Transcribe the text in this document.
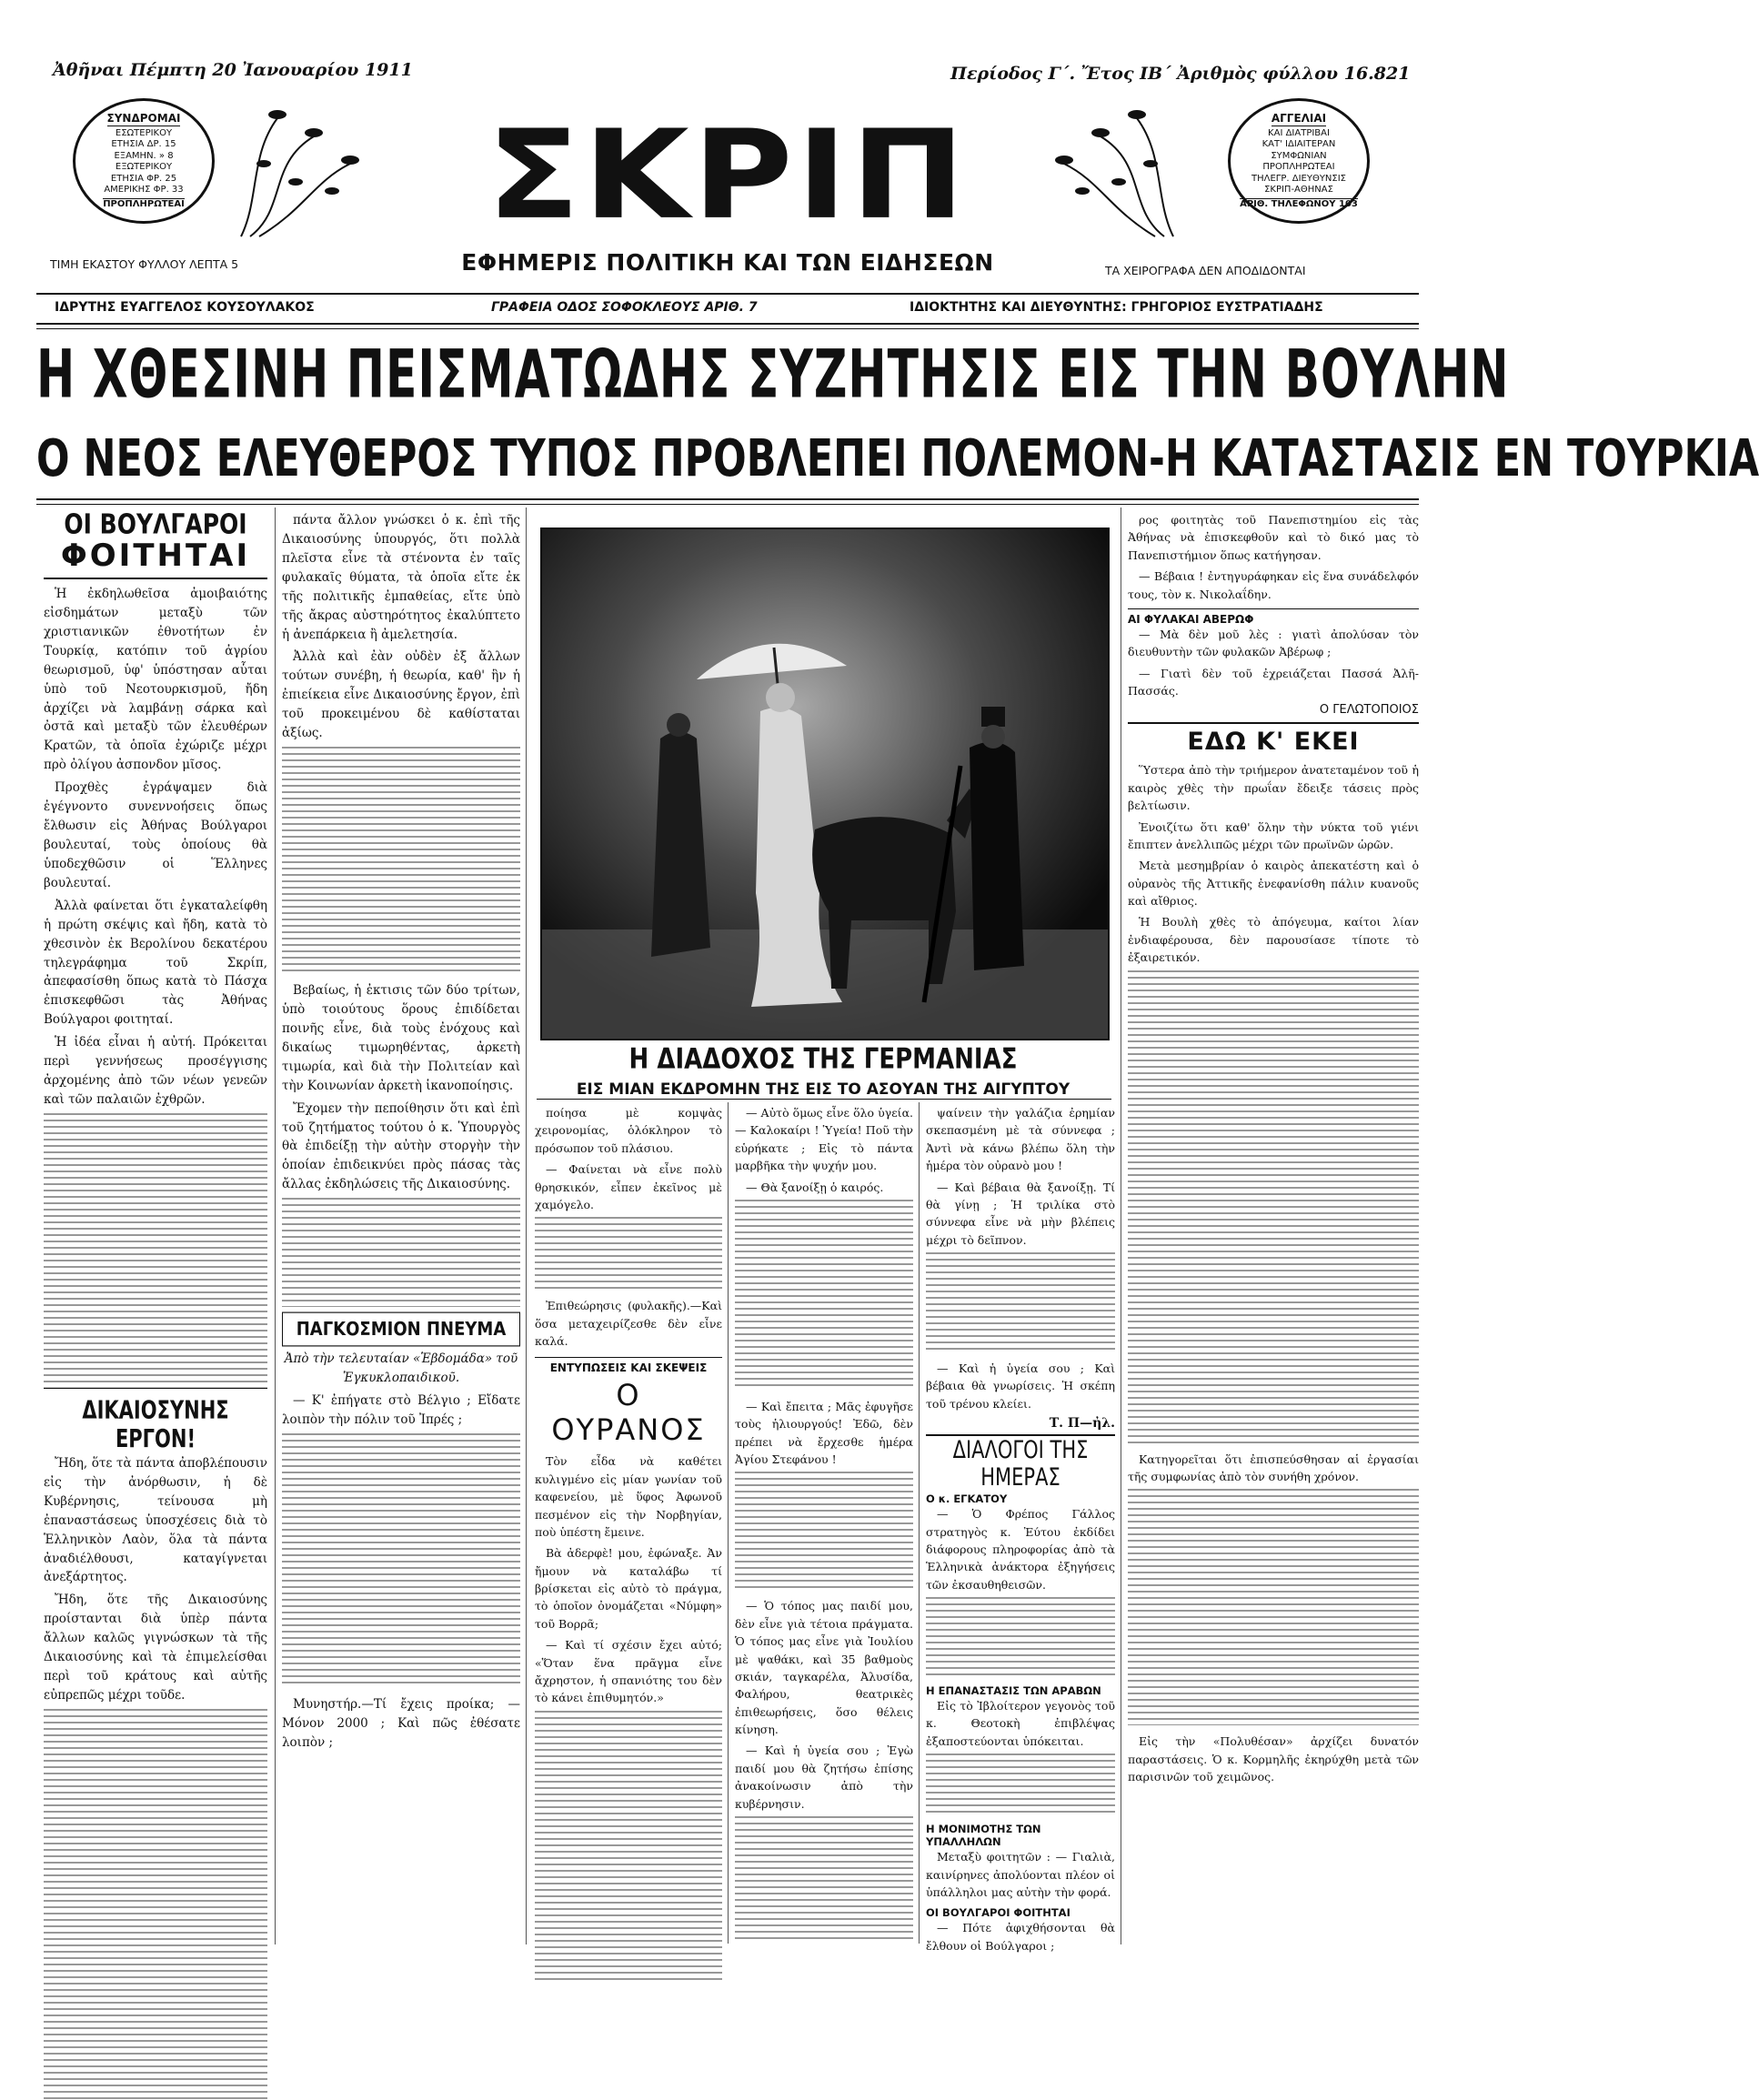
Ἀθῆναι Πέμπτη 20 Ἰανουαρίου 1911	Περίοδος Γ΄. Ἔτος ΙΒ΄ Ἀριθμὸς φύλλου 16.821
ΣΥΝΔΡΟΜΑΙ
ΕΣΩΤΕΡΙΚΟΥ
ΕΤΗΣΙΑ ΔΡ. 15
ΕΞΑΜΗΝ. » 8
ΕΞΩΤΕΡΙΚΟΥ
ΕΤΗΣΙΑ ΦΡ. 25
ΑΜΕΡΙΚΗΣ ΦΡ. 33
ΠΡΟΠΛΗΡΩΤΕΑΙ	ΣΚΡΙΠ	ΑΓΓΕΛΙΑΙ
ΚΑΙ ΔΙΑΤΡΙΒΑΙ
ΚΑΤ' ΙΔΙΑΙΤΕΡΑΝ
ΣΥΜΦΩΝΙΑΝ
ΠΡΟΠΛΗΡΩΤΕΑΙ
ΤΗΛΕΓΡ. ΔΙΕΥΘΥΝΣΙΣ
ΣΚΡΙΠ-ΑΘΗΝΑΣ
ΑΡΙΘ. ΤΗΛΕΦΩΝΟΥ 103
ΤΙΜΗ ΕΚΑΣΤΟΥ ΦΥΛΛΟΥ ΛΕΠΤΑ 5	ΕΦΗΜΕΡΙΣ ΠΟΛΙΤΙΚΗ ΚΑΙ ΤΩΝ ΕΙΔΗΣΕΩΝ	ΤΑ ΧΕΙΡΟΓΡΑΦΑ ΔΕΝ ΑΠΟΔΙΔΟΝΤΑΙ
ΙΔΡΥΤΗΣ ΕΥΑΓΓΕΛΟΣ ΚΟΥΣΟΥΛΑΚΟΣ	ΓΡΑΦΕΙΑ ΟΔΟΣ ΣΟΦΟΚΛΕΟΥΣ ΑΡΙΘ. 7	ΙΔΙΟΚΤΗΤΗΣ ΚΑΙ ΔΙΕΥΘΥΝΤΗΣ: ΓΡΗΓΟΡΙΟΣ ΕΥΣΤΡΑΤΙΑΔΗΣ
Η ΧΘΕΣΙΝΗ ΠΕΙΣΜΑΤΩΔΗΣ ΣΥΖΗΤΗΣΙΣ ΕΙΣ ΤΗΝ ΒΟΥΛΗΝ
Ο ΝΕΟΣ ΕΛΕΥΘΕΡΟΣ ΤΥΠΟΣ ΠΡΟΒΛΕΠΕΙ ΠΟΛΕΜΟΝ-Η ΚΑΤΑΣΤΑΣΙΣ ΕΝ ΤΟΥΡΚΙΑ
ΟΙ ΒΟΥΛΓΑΡΟΙ
ΦΟΙΤΗΤΑΙ

Ἡ ἐκδηλωθεῖσα ἀμοιβαιότης εἰσδημάτων μεταξὺ τῶν χριστιανικῶν ἐθνοτήτων ἐν Τουρκίᾳ, κατόπιν τοῦ ἀγρίου θεωρισμοῦ, ὑφ' ὑπόστησαν αὗται ὑπὸ τοῦ Νεοτουρκισμοῦ, ἤδη ἀρχίζει νὰ λαμβάνῃ σάρκα καὶ ὀστᾶ καὶ μεταξὺ τῶν ἐλευθέρων Κρατῶν, τὰ ὁποῖα ἐχώριζε μέχρι πρὸ ὀλίγου ἀσπονδον μῖσος.

Προχθὲς ἐγράψαμεν διὰ ἐγέγνοντο συνεννοήσεις ὅπως ἔλθωσιν εἰς Ἀθήνας Βούλγαροι βουλευταί, τοὺς ὁποίους θὰ ὑποδεχθῶσιν οἱ Ἕλληνες βουλευταί.

Ἀλλὰ φαίνεται ὅτι ἐγκαταλείφθη ἡ πρώτη σκέψις καὶ ἤδη, κατὰ τὸ χθεσινὸν ἐκ Βερολίνου δεκατέρου τηλεγράφημα τοῦ Σκρίπ, ἀπεφασίσθη ὅπως κατὰ τὸ Πάσχα ἐπισκεφθῶσι τὰς Ἀθήνας Βούλγαροι φοιτηταί.

Ἡ ἰδέα εἶναι ἡ αὐτή. Πρόκειται περὶ γεννήσεως προσέγγισης ἀρχομένης ἀπὸ τῶν νέων γενεῶν καὶ τῶν παλαιῶν ἐχθρῶν.

ΔΙΚΑΙΟΣΥΝΗΣ ΕΡΓΟΝ!

Ἤδη, ὅτε τὰ πάντα ἀποβλέπουσιν εἰς τὴν ἀνόρθωσιν, ἡ δὲ Κυβέρνησις, τείνουσα μὴ ἐπαναστάσεως ὑποσχέσεις διὰ τὸ Ἑλληνικὸν Λαὸν, ὅλα τὰ πάντα ἀναδιέλθουσι, καταγίγνεται ἀνεξάρτητος.

Ἤδη, ὅτε τῆς Δικαιοσύνης προίστανται διὰ ὑπὲρ πάντα ἄλλων καλῶς γιγνώσκων τὰ τῆς Δικαιοσύνης καὶ τὰ ἐπιμελείσθαι περὶ τοῦ κράτους καὶ αὐτῆς εὐπρεπῶς μέχρι τοῦδε.

πάντα ἄλλον γνώσκει ὁ κ. ἐπὶ τῆς Δικαιοσύνης ὑπουργός, ὅτι πολλὰ πλεῖστα εἶνε τὰ στένοντα ἐν ταῖς φυλακαῖς θύματα, τὰ ὁποῖα εἴτε ἐκ τῆς πολιτικῆς ἐμπαθείας, εἴτε ὑπὸ τῆς ἄκρας αὐστηρότητος ἐκαλύπτετο ἡ ἀνεπάρκεια ἢ ἀμελετησία.

Ἀλλὰ καὶ ἐὰν οὐδὲν ἐξ ἄλλων τούτων συνέβη, ἡ θεωρία, καθ' ἣν ἡ ἐπιείκεια εἶνε Δικαιοσύνης ἔργον, ἐπὶ τοῦ προκειμένου δὲ καθίσταται ἀξίως.

Βεβαίως, ἡ ἐκτισις τῶν δύο τρίτων, ὑπὸ τοιούτους ὅρους ἐπιδίδεται ποινῆς εἶνε, διὰ τοὺς ἐνόχους καὶ δικαίως τιμωρηθέντας, ἀρκετὴ τιμωρία, καὶ διὰ τὴν Πολιτείαν καὶ τὴν Κοινωνίαν ἀρκετὴ ἱκανοποίησις.

Ἔχομεν τὴν πεποίθησιν ὅτι καὶ ἐπὶ τοῦ ζητήματος τούτου ὁ κ. Ὑπουργὸς θὰ ἐπιδείξῃ τὴν αὐτὴν στοργὴν τὴν ὁποίαν ἐπιδεικνύει πρὸς πάσας τὰς ἄλλας ἐκδηλώσεις τῆς Δικαιοσύνης.

ΠΑΓΚΟΣΜΙΟΝ ΠΝΕΥΜΑ

Ἀπὸ τὴν τελευταίαν «Ἑβδομάδα» τοῦ Ἐγκυκλοπαιδικοῦ.

— Κ' ἐπήγατε στὸ Βέλγιο ; Εἴδατε λοιπὸν τὴν πόλιν τοῦ Ἰπρές ;

Μυνηστήρ.—Τί ἔχεις προίκα; — Μόνον 2000 ; Καὶ πῶς ἐθέσατε λοιπὸν ;

Η ΔΙΑΔΟΧΟΣ ΤΗΣ ΓΕΡΜΑΝΙΑΣ
ΕΙΣ ΜΙΑΝ ΕΚΔΡΟΜΗΝ ΤΗΣ ΕΙΣ ΤΟ ΑΣΟΥΑΝ ΤΗΣ ΑΙΓΥΠΤΟΥ

ποίησα μὲ κομψὰς χειρονομίας, ὁλόκληρον τὸ πρόσωπον τοῦ πλάσιου.

— Φαίνεται νὰ εἶνε πολὺ θρησκικόν, εἶπεν ἐκεῖνος μὲ χαμόγελο.

Ἐπιθεώρησις (φυλακῆς).—Καὶ ὅσα μεταχειρίζεσθε δὲν εἶνε καλά.

ΕΝΤΥΠΩΣΕΙΣ ΚΑΙ ΣΚΕΨΕΙΣ
Ο ΟΥΡΑΝΟΣ

Τὸν εἶδα νὰ καθέτει κυλιγμένο εἰς μίαν γωνίαν τοῦ καφενείου, μὲ ὕφος Ἀφωνοῦ πεσμένον εἰς τὴν Νορβηγίαν, ποὺ ὑπέστη ἔμεινε.

Βὰ ἀδερφὲ! μου, ἐφώναξε. Ἀν ἤμουν νὰ καταλάβω τί βρίσκεται εἰς αὐτὸ τὸ πράγμα, τὸ ὁποῖον ὀνομάζεται «Νύμφη» τοῦ Βορρᾶ;

— Καὶ τί σχέσιν ἔχει αὐτό; «Ὅταν ἕνα πρᾶγμα εἶνε ἄχρηστον, ἡ σπανιότης του δὲν τὸ κάνει ἐπιθυμητόν.»

— Αὐτὸ ὅμως εἶνε ὅλο ὑγεία. — Καλοκαίρι ! Ὑγεία! Ποῦ τὴν εὑρήκατε ; Εἰς τὸ πάντα μαρβῆκα τὴν ψυχήν μου.

— Θὰ ξανοίξῃ ὁ καιρός.

— Καὶ ἔπειτα ; Μᾶς ἐφυγῆσε τοὺς ἡλιουργούς! Ἐδῶ, δὲν πρέπει νὰ ἔρχεσθε ἡμέρα Ἀγίου Στεφάνου !

— Ὁ τόπος μας παιδί μου, δὲν εἶνε γιὰ τέτοια πράγματα. Ὁ τόπος μας εἶνε γιὰ Ἰουλίου μὲ ψαθάκι, καὶ 35 βαθμοὺς σκιάν, ταγκαρέλα, Ἀλυσίδα, Φαλήρου, θεατρικὲς ἐπιθεωρήσεις, ὅσο θέλεις κίνηση.

— Καὶ ἡ ὑγεία σου ; Ἐγὼ παιδί μου θὰ ζητήσω ἐπίσης ἀνακοίνωσιν ἀπὸ τὴν κυβέρνησιν.

ψαίνειν τὴν γαλάζια ἐρημίαν σκεπασμένη μὲ τὰ σύννεφα ; Ἀντὶ νὰ κάνω βλέπω ὅλη τὴν ἡμέρα τὸν οὐρανὸ μου !

— Καὶ βέβαια θὰ ξανοίξῃ. Τί θὰ γίνῃ ; Ἡ τριλίκα στὸ σύννεφα εἶνε νὰ μὴν βλέπεις μέχρι τὸ δεῖπνον.

— Καὶ ἡ ὑγεία σου ; Καὶ βέβαια θὰ γνωρίσεις. Ἡ σκέπη τοῦ τρένου κλείει.

Τ. Π—ἠλ.
ΔΙΑΛΟΓΟΙ ΤΗΣ ΗΜΕΡΑΣ
Ο κ. ΕΓΚΑΤΟΥ

— Ὁ Φρέπος Γάλλος στρατηγὸς κ. Ἐύτου ἐκδίδει διάφορους πληροφορίας ἀπὸ τὰ Ἑλληνικὰ ἀνάκτορα ἐξηγήσεις τῶν ἐκσαυθηθεισῶν.

Η ΕΠΑΝΑΣΤΑΣΙΣ ΤΩΝ ΑΡΑΒΩΝ

Εἰς τὸ Ἰβλοίτερον γεγονὸς τοῦ κ. Θεοτοκὴ ἐπιβλέψας ἐξαποστεύονται ὑπόκειται.

Η ΜΟΝΙΜΟΤΗΣ ΤΩΝ ΥΠΑΛΛΗΛΩΝ

Μεταξὺ φοιτητῶν : — Γιαλιὰ, καινίρηνες ἀπολύονται πλέον οἱ ὑπάλληλοι μας αὐτὴν τὴν φορά.

ΟΙ ΒΟΥΛΓΑΡΟΙ ΦΟΙΤΗΤΑΙ

— Πότε ἀφιχθήσονται θὰ ἔλθουν οἱ Βούλγαροι ;

ρος φοιτητὰς τοῦ Πανεπιστημίου εἰς τὰς Ἀθήνας νὰ ἐπισκεφθοῦν καὶ τὸ δικό μας τὸ Πανεπιστήμιον ὅπως κατήγησαν.

— Βέβαια ! ἐντηγυράφηκαν εἰς ἕνα συνάδελφόν τους, τὸν κ. Νικολαΐδην.

ΑΙ ΦΥΛΑΚΑΙ ΑΒΕΡΩΦ

— Μὰ δὲν μοῦ λὲς : γιατὶ ἀπολύσαν τὸν διευθυντὴν τῶν φυλακῶν Ἀβέρωφ ;

— Γιατὶ δὲν τοῦ ἐχρειάζεται Πασσά Ἀλῆ-Πασσάς.

Ο ΓΕΛΩΤΟΠΟΙΟΣ
ΕΔΩ Κ' ΕΚΕΙ

Ὕστερα ἀπὸ τὴν τριήμερον ἀνατεταμένον τοῦ ἡ καιρὸς χθὲς τὴν πρωΐαν ἔδειξε τάσεις πρὸς βελτίωσιν.

Ἐνοιζίτω ὅτι καθ' ὅλην τὴν νύκτα τοῦ γιένι ἔπιπτεν ἀνελλιπῶς μέχρι τῶν πρωϊνῶν ὡρῶν.

Μετὰ μεσημβρίαν ὁ καιρὸς ἀπεκατέστη καὶ ὁ οὐρανὸς τῆς Ἀττικῆς ἐνεφανίσθη πάλιν κυανοῦς καὶ αἴθριος.

Ἡ Βουλὴ χθὲς τὸ ἀπόγευμα, καίτοι λίαν ἐνδιαφέρουσα, δὲν παρουσίασε τίποτε τὸ ἐξαιρετικόν.

Κατηγορεῖται ὅτι ἐπισπεύσθησαν αἱ ἐργασίαι τῆς συμφωνίας ἀπὸ τὸν συνήθη χρόνον.

Εἰς τὴν «Πολυθέσαν» ἀρχίζει δυνατόν παραστάσεις. Ὁ κ. Κορμηλῆς ἐκηρύχθη μετὰ τῶν παρισινῶν τοῦ χειμῶνος.
